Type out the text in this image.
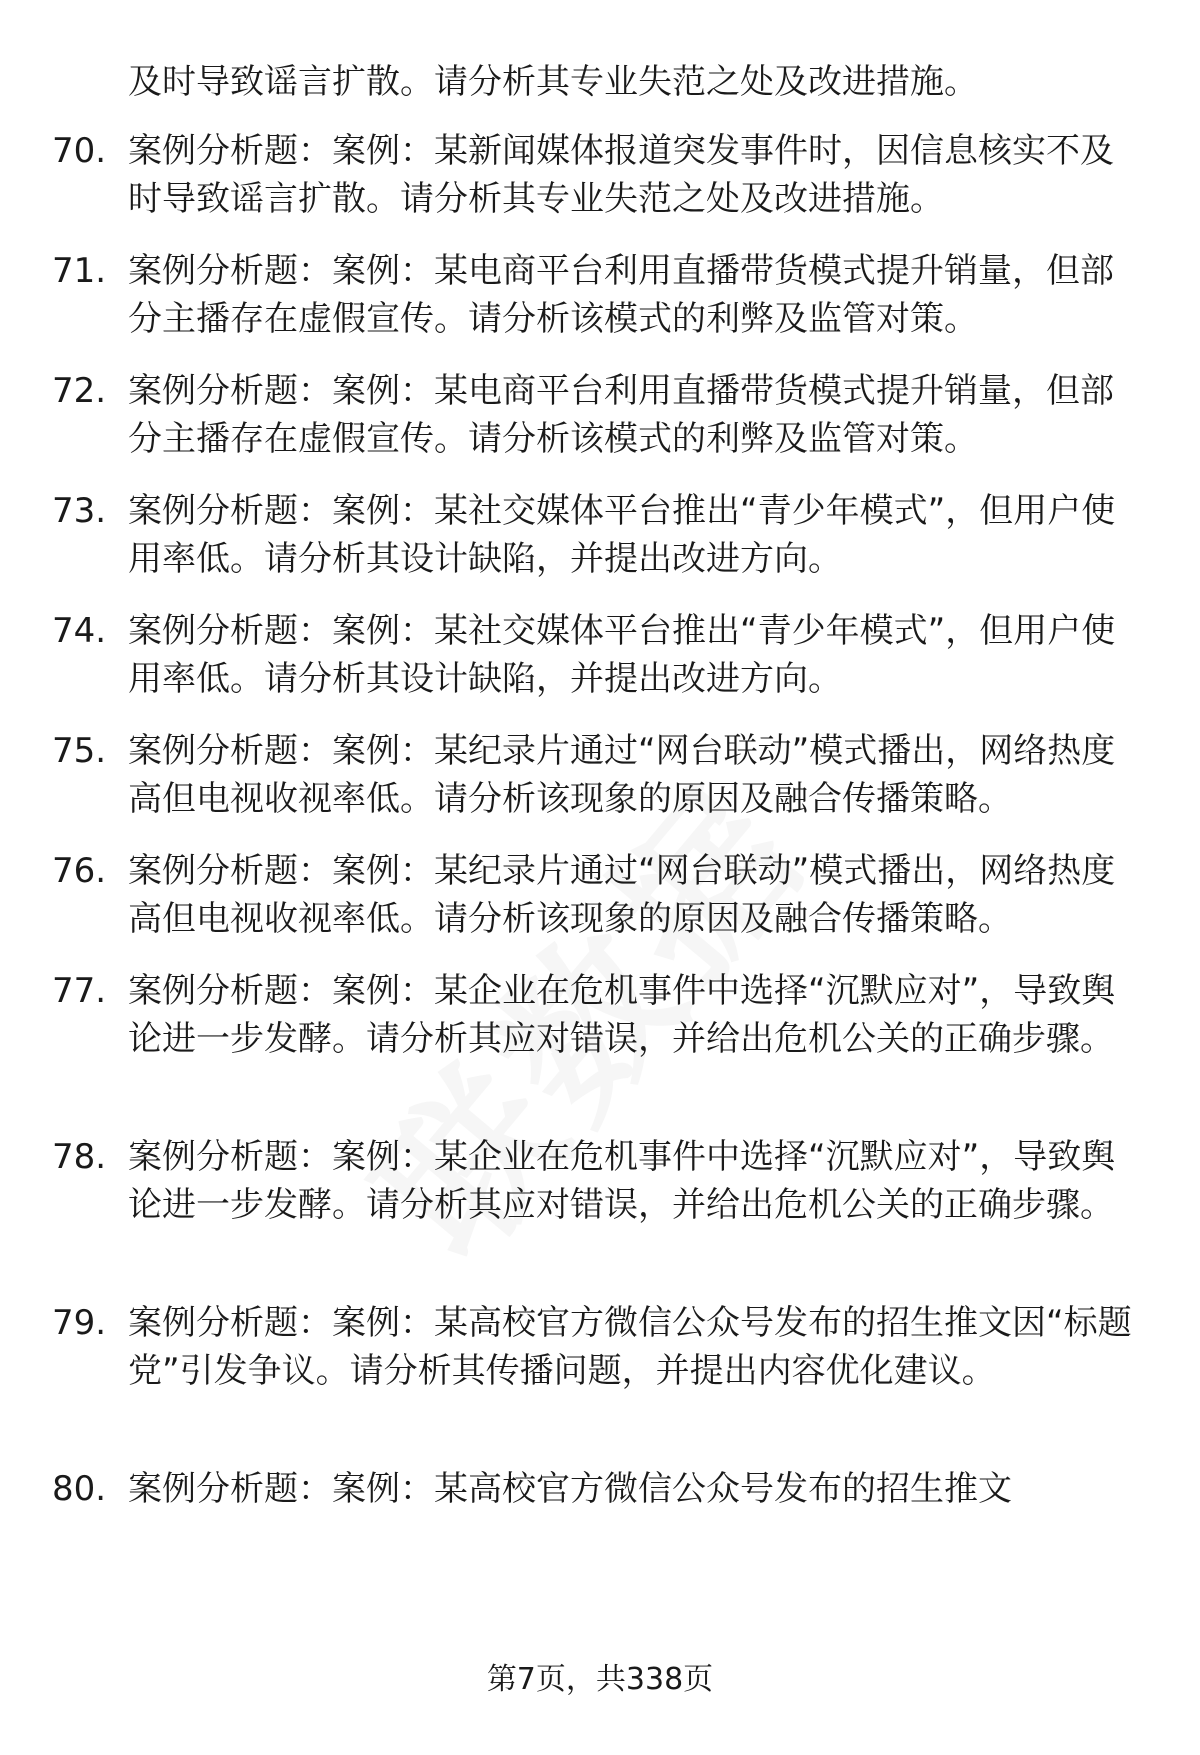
及时导致谣言扩散。请分析其专业失范之处及改进措施。
70. 案例分析题：案例：某新闻媒体报道突发事件时，因信息核实不及时导致谣言扩散。请分析其专业失范之处及改进措施。
71. 案例分析题：案例：某电商平台利用直播带货模式提升销量，但部分主播存在虚假宣传。请分析该模式的利弊及监管对策。
72. 案例分析题：案例：某电商平台利用直播带货模式提升销量，但部分主播存在虚假宣传。请分析该模式的利弊及监管对策。
73. 案例分析题：案例：某社交媒体平台推出“青少年模式”，但用户使用率低。请分析其设计缺陷，并提出改进方向。
74. 案例分析题：案例：某社交媒体平台推出“青少年模式”，但用户使用率低。请分析其设计缺陷，并提出改进方向。
75. 案例分析题：案例：某纪录片通过“网台联动”模式播出，网络热度高但电视收视率低。请分析该现象的原因及融合传播策略。
76. 案例分析题：案例：某纪录片通过“网台联动”模式播出，网络热度高但电视收视率低。请分析该现象的原因及融合传播策略。
77. 案例分析题：案例：某企业在危机事件中选择“沉默应对”，导致舆论进一步发酵。请分析其应对错误，并给出危机公关的正确步骤。
78. 案例分析题：案例：某企业在危机事件中选择“沉默应对”，导致舆论进一步发酵。请分析其应对错误，并给出危机公关的正确步骤。
79. 案例分析题：案例：某高校官方微信公众号发布的招生推文因“标题党”引发争议。请分析其传播问题，并提出内容优化建议。
80. 案例分析题：案例：某高校官方微信公众号发布的招生推文
第7页，共338页
